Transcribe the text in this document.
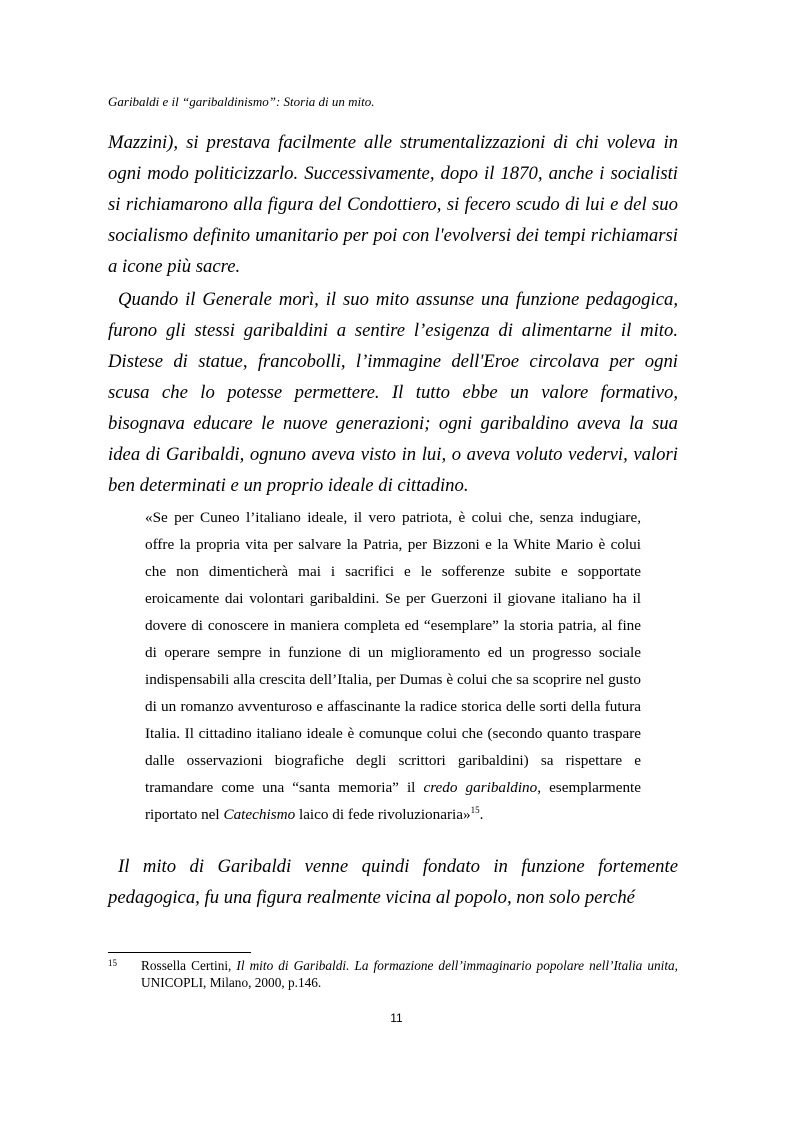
Garibaldi e il “garibaldinismo”: Storia di un mito.
Mazzini), si prestava facilmente alle strumentalizzazioni di chi voleva in ogni modo politicizzarlo. Successivamente, dopo il 1870, anche i socialisti si richiamarono alla figura del Condottiero, si fecero scudo di lui e del suo socialismo definito umanitario per poi con l'evolversi dei tempi richiamarsi a icone più sacre.
Quando il Generale morì, il suo mito assunse una funzione pedagogica, furono gli stessi garibaldini a sentire l’esigenza di alimentarne il mito. Distese di statue, francobolli, l’immagine dell'Eroe circolava per ogni scusa che lo potesse permettere. Il tutto ebbe un valore formativo, bisognava educare le nuove generazioni; ogni garibaldino aveva la sua idea di Garibaldi, ognuno aveva visto in lui, o aveva voluto vedervi, valori ben determinati e un proprio ideale di cittadino.
«Se per Cuneo l’italiano ideale, il vero patriota, è colui che, senza indugiare, offre la propria vita per salvare la Patria, per Bizzoni e la White Mario è colui che non dimenticherà mai i sacrifici e le sofferenze subite e sopportate eroicamente dai volontari garibaldini. Se per Guerzoni il giovane italiano ha il dovere di conoscere in maniera completa ed “esemplare” la storia patria, al fine di operare sempre in funzione di un miglioramento ed un progresso sociale indispensabili alla crescita dell’Italia, per Dumas è colui che sa scoprire nel gusto di un romanzo avventuroso e affascinante la radice storica delle sorti della futura Italia. Il cittadino italiano ideale è comunque colui che (secondo quanto traspare dalle osservazioni biografiche degli scrittori garibaldini) sa rispettare e tramandare come una “santa memoria” il credo garibaldino, esemplarmente riportato nel Catechismo laico di fede rivoluzionaria»$^{15}$.
Il mito di Garibaldi venne quindi fondato in funzione fortemente pedagogica, fu una figura realmente vicina al popolo, non solo perché
15 Rossella Certini, Il mito di Garibaldi. La formazione dell’immaginario popolare nell’Italia unita, UNICOPLI, Milano, 2000, p.146.
11
